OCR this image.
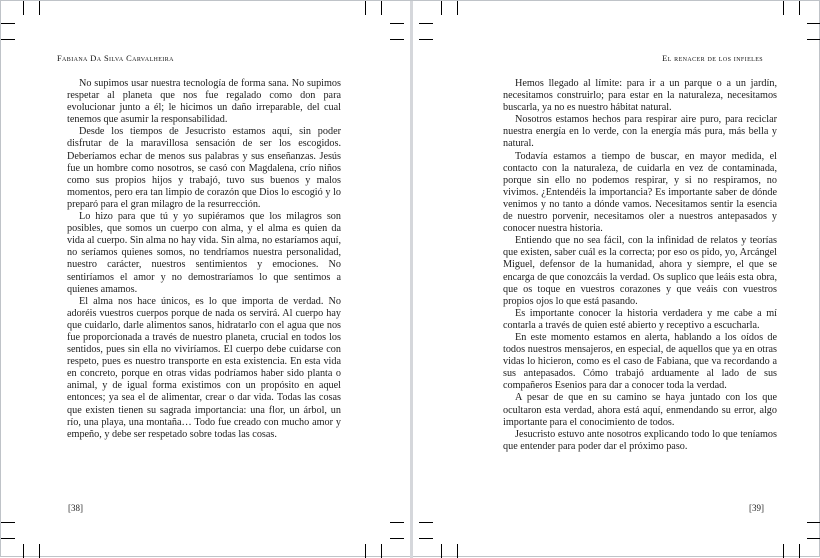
Fabiana Da Silva Carvalheira

No supimos usar nuestra tecnología de forma sana. No supimos respetar al planeta que nos fue regalado como don para evolucionar junto a él; le hicimos un daño irreparable, del cual tenemos que asumir la responsabilidad.

Desde los tiempos de Jesucristo estamos aquí, sin poder disfrutar de la maravillosa sensación de ser los escogidos. Deberíamos echar de menos sus palabras y sus enseñanzas. Jesús fue un hombre como nosotros, se casó con Magdalena, crío niños como sus propios hijos y trabajó, tuvo sus buenos y malos momentos, pero era tan limpio de corazón que Dios lo escogió y lo preparó para el gran milagro de la resurrección.

Lo hizo para que tú y yo supiéramos que los milagros son posibles, que somos un cuerpo con alma, y el alma es quien da vida al cuerpo. Sin alma no hay vida. Sin alma, no estaríamos aquí, no seríamos quienes somos, no tendríamos nuestra personalidad, nuestro carácter, nuestros sentimientos y emociones. No sentiríamos el amor y no demostraríamos lo que sentimos a quienes amamos.

El alma nos hace únicos, es lo que importa de verdad. No adoréis vuestros cuerpos porque de nada os servirá. Al cuerpo hay que cuidarlo, darle alimentos sanos, hidratarlo con el agua que nos fue proporcionada a través de nuestro planeta, crucial en todos los sentidos, pues sin ella no viviríamos. El cuerpo debe cuidarse con respeto, pues es nuestro transporte en esta existencia. En esta vida en concreto, porque en otras vidas podríamos haber sido planta o animal, y de igual forma existimos con un propósito en aquel entonces; ya sea el de alimentar, crear o dar vida. Todas las cosas que existen tienen su sagrada importancia: una flor, un árbol, un río, una playa, una montaña… Todo fue creado con mucho amor y empeño, y debe ser respetado sobre todas las cosas.

[38]
El renacer de los infieles

Hemos llegado al límite: para ir a un parque o a un jardín, necesitamos construirlo; para estar en la naturaleza, necesitamos buscarla, ya no es nuestro hábitat natural.

Nosotros estamos hechos para respirar aire puro, para reciclar nuestra energía en lo verde, con la energía más pura, más bella y natural.

Todavía estamos a tiempo de buscar, en mayor medida, el contacto con la naturaleza, de cuidarla en vez de contaminada, porque sin ello no podemos respirar, y si no respiramos, no vivimos. ¿Entendéis la importancia? Es importante saber de dónde venimos y no tanto a dónde vamos. Necesitamos sentir la esencia de nuestro porvenir, necesitamos oler a nuestros antepasados y conocer nuestra historia.

Entiendo que no sea fácil, con la infinidad de relatos y teorías que existen, saber cuál es la correcta; por eso os pido, yo, Arcángel Miguel, defensor de la humanidad, ahora y siempre, el que se encarga de que conozcáis la verdad. Os suplico que leáis esta obra, que os toque en vuestros corazones y que veáis con vuestros propios ojos lo que está pasando.

Es importante conocer la historia verdadera y me cabe a mí contarla a través de quien esté abierto y receptivo a escucharla.

En este momento estamos en alerta, hablando a los oídos de todos nuestros mensajeros, en especial, de aquellos que ya en otras vidas lo hicieron, como es el caso de Fabiana, que va recordando a sus antepasados. Cómo trabajó arduamente al lado de sus compañeros Esenios para dar a conocer toda la verdad.

A pesar de que en su camino se haya juntado con los que ocultaron esta verdad, ahora está aquí, enmendando su error, algo importante para el conocimiento de todos.

Jesucristo estuvo ante nosotros explicando todo lo que teníamos que entender para poder dar el próximo paso.

[39]
